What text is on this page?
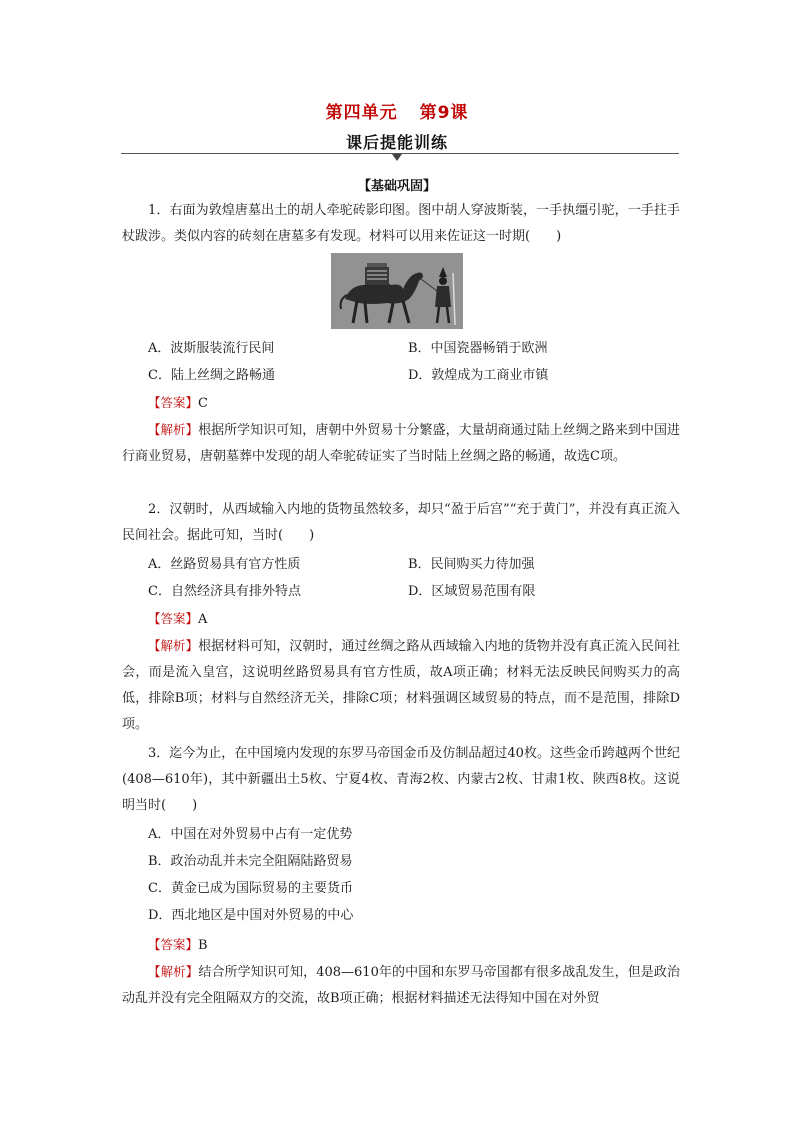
第四单元 第9课
课后提能训练
【基础巩固】
1．右面为敦煌唐墓出土的胡人牵驼砖影印图。图中胡人穿波斯装，一手执缰引驼，一手拄手杖跋涉。类似内容的砖刻在唐墓多有发现。材料可以用来佐证这一时期(　　)
A．波斯服装流行民间	B．中国瓷器畅销于欧洲
C．陆上丝绸之路畅通	D．敦煌成为工商业市镇
【答案】C
【解析】根据所学知识可知，唐朝中外贸易十分繁盛，大量胡商通过陆上丝绸之路来到中国进行商业贸易，唐朝墓葬中发现的胡人牵驼砖证实了当时陆上丝绸之路的畅通，故选C项。
2．汉朝时，从西域输入内地的货物虽然较多，却只“盈于后宫”“充于黄门”，并没有真正流入民间社会。据此可知，当时(　　)
A．丝路贸易具有官方性质	B．民间购买力待加强
C．自然经济具有排外特点	D．区域贸易范围有限
【答案】A
【解析】根据材料可知，汉朝时，通过丝绸之路从西域输入内地的货物并没有真正流入民间社会，而是流入皇宫，这说明丝路贸易具有官方性质，故A项正确；材料无法反映民间购买力的高低，排除B项；材料与自然经济无关，排除C项；材料强调区域贸易的特点，而不是范围，排除D项。
3．迄今为止，在中国境内发现的东罗马帝国金币及仿制品超过40枚。这些金币跨越两个世纪(408—610年)，其中新疆出土5枚、宁夏4枚、青海2枚、内蒙古2枚、甘肃1枚、陕西8枚。这说明当时(　　)
A．中国在对外贸易中占有一定优势
B．政治动乱并未完全阻隔陆路贸易
C．黄金已成为国际贸易的主要货币
D．西北地区是中国对外贸易的中心
【答案】B
【解析】结合所学知识可知，408—610年的中国和东罗马帝国都有很多战乱发生，但是政治动乱并没有完全阻隔双方的交流，故B项正确；根据材料描述无法得知中国在对外贸
